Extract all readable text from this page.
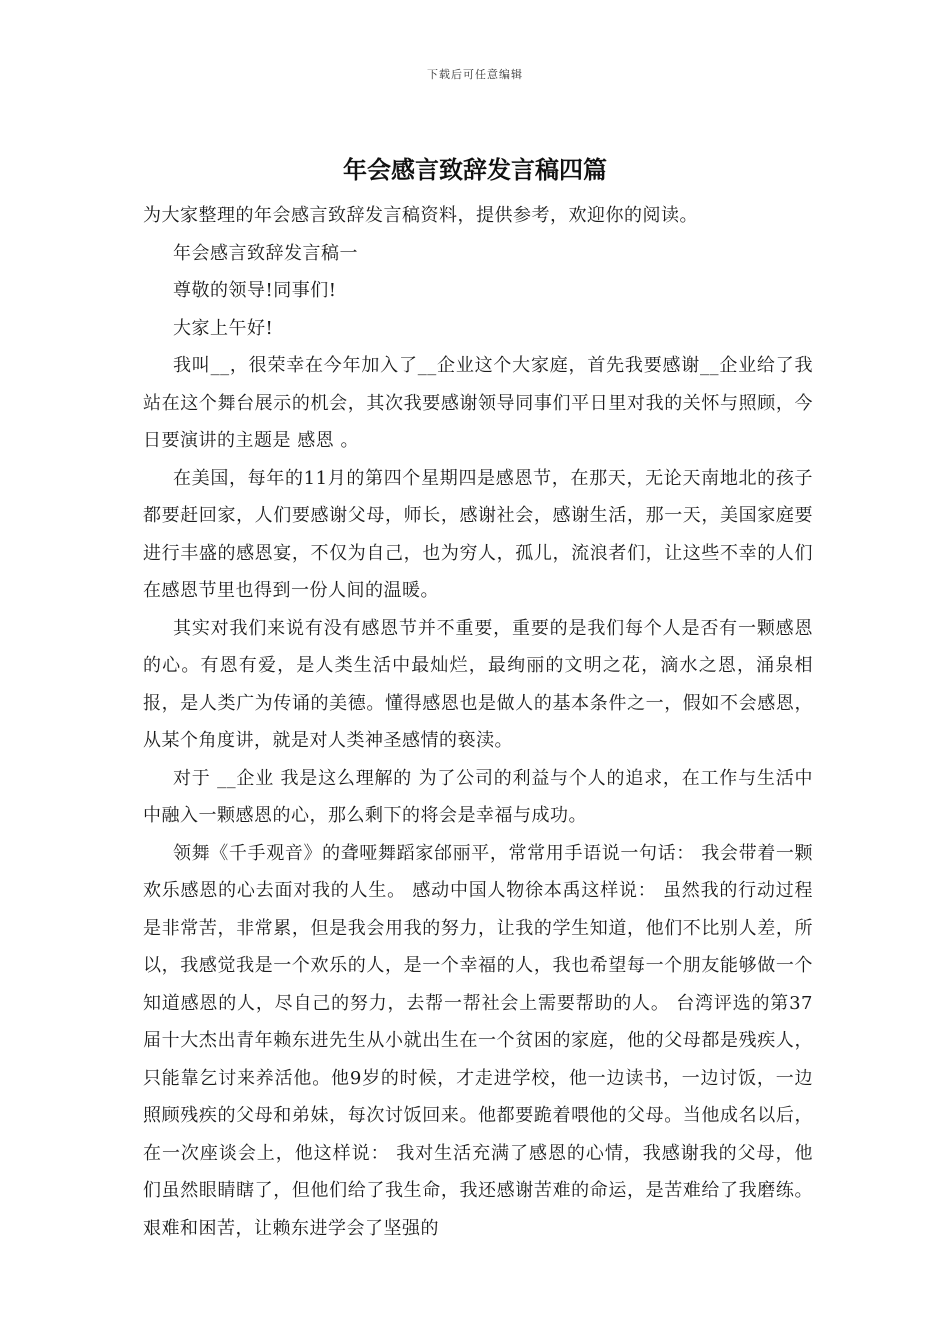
下载后可任意编辑
年会感言致辞发言稿四篇

为大家整理的年会感言致辞发言稿资料，提供参考，欢迎你的阅读。

年会感言致辞发言稿一

尊敬的领导!同事们!

大家上午好!

我叫__，很荣幸在今年加入了__企业这个大家庭，首先我要感谢__企业给了我站在这个舞台展示的机会，其次我要感谢领导同事们平日里对我的关怀与照顾，今日要演讲的主题是 感恩 。

在美国，每年的11月的第四个星期四是感恩节，在那天，无论天南地北的孩子都要赶回家，人们要感谢父母，师长，感谢社会，感谢生活，那一天，美国家庭要进行丰盛的感恩宴，不仅为自己，也为穷人，孤儿，流浪者们，让这些不幸的人们在感恩节里也得到一份人间的温暖。

其实对我们来说有没有感恩节并不重要，重要的是我们每个人是否有一颗感恩的心。有恩有爱，是人类生活中最灿烂，最绚丽的文明之花，滴水之恩，涌泉相报，是人类广为传诵的美德。懂得感恩也是做人的基本条件之一，假如不会感恩，从某个角度讲，就是对人类神圣感情的亵渎。

对于 __企业 我是这么理解的 为了公司的利益与个人的追求，在工作与生活中中融入一颗感恩的心，那么剩下的将会是幸福与成功。

领舞《千手观音》的聋哑舞蹈家邰丽平，常常用手语说一句话： 我会带着一颗欢乐感恩的心去面对我的人生。 感动中国人物徐本禹这样说： 虽然我的行动过程是非常苦，非常累，但是我会用我的努力，让我的学生知道，他们不比别人差，所以，我感觉我是一个欢乐的人，是一个幸福的人，我也希望每一个朋友能够做一个知道感恩的人，尽自己的努力，去帮一帮社会上需要帮助的人。 台湾评选的第37届十大杰出青年赖东进先生从小就出生在一个贫困的家庭，他的父母都是残疾人，只能靠乞讨来养活他。他9岁的时候，才走进学校，他一边读书，一边讨饭，一边照顾残疾的父母和弟妹，每次讨饭回来。他都要跪着喂他的父母。当他成名以后，在一次座谈会上，他这样说： 我对生活充满了感恩的心情，我感谢我的父母，他们虽然眼睛瞎了，但他们给了我生命，我还感谢苦难的命运，是苦难给了我磨练。 艰难和困苦，让赖东进学会了坚强的
